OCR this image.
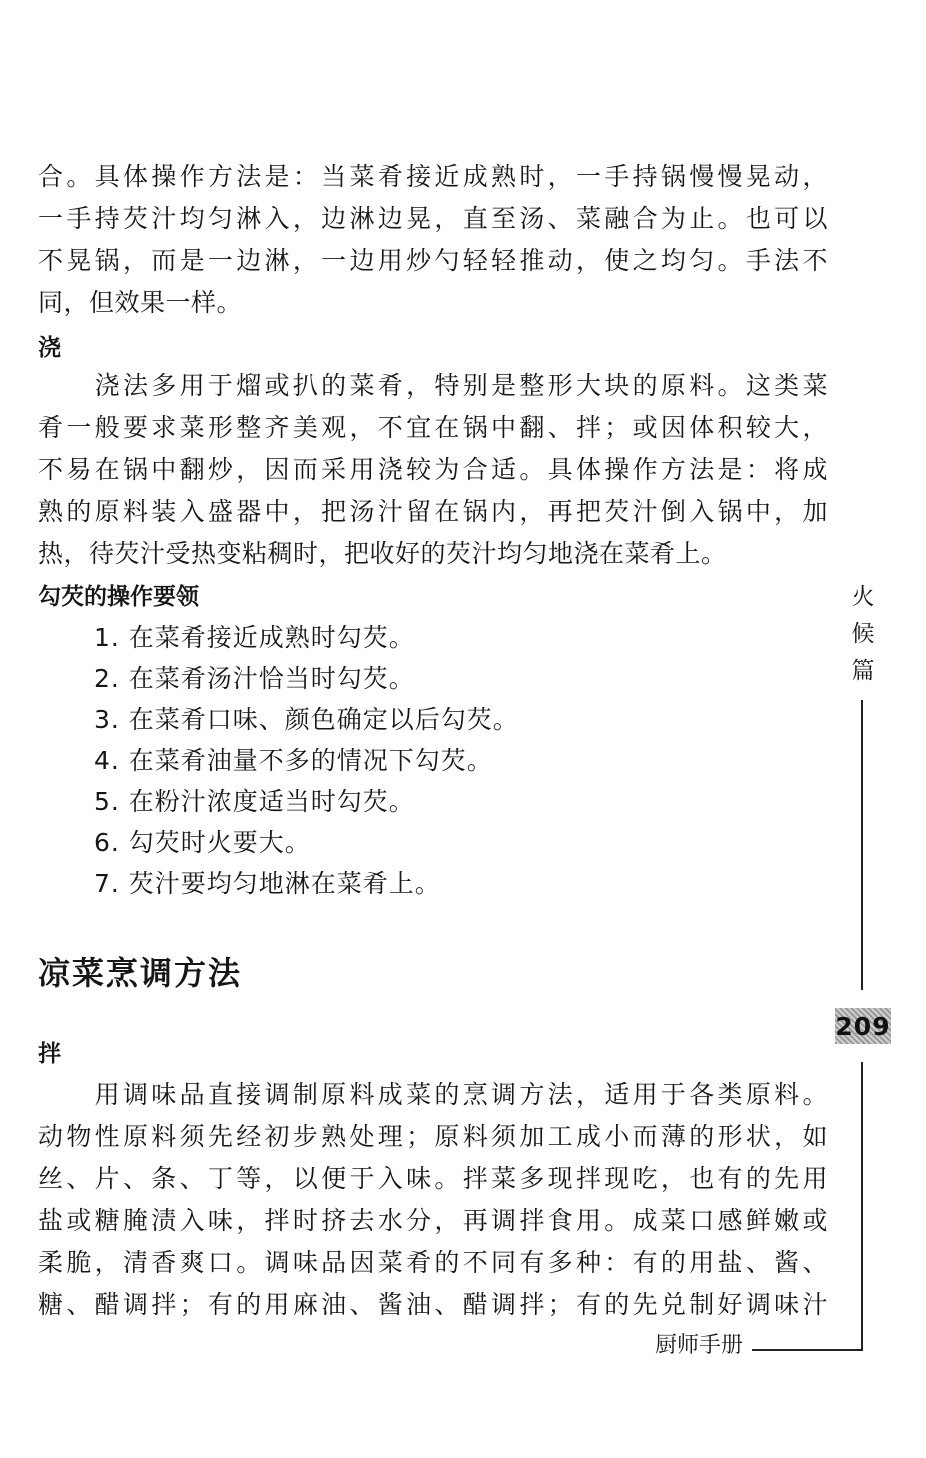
合。具体操作方法是：当菜肴接近成熟时，一手持锅慢慢晃动，
一手持芡汁均匀淋入，边淋边晃，直至汤、菜融合为止。也可以
不晃锅，而是一边淋，一边用炒勺轻轻推动，使之均匀。手法不
同，但效果一样。
浇
　　浇法多用于熘或扒的菜肴，特别是整形大块的原料。这类菜
肴一般要求菜形整齐美观，不宜在锅中翻、拌；或因体积较大，
不易在锅中翻炒，因而采用浇较为合适。具体操作方法是：将成
熟的原料装入盛器中，把汤汁留在锅内，再把芡汁倒入锅中，加
热，待芡汁受热变粘稠时，把收好的芡汁均匀地浇在菜肴上。
勾芡的操作要领
1. 在菜肴接近成熟时勾芡。
2. 在菜肴汤汁恰当时勾芡。
3. 在菜肴口味、颜色确定以后勾芡。
4. 在菜肴油量不多的情况下勾芡。
5. 在粉汁浓度适当时勾芡。
6. 勾芡时火要大。
7. 芡汁要均匀地淋在菜肴上。
凉菜烹调方法
拌
　　用调味品直接调制原料成菜的烹调方法，适用于各类原料。
动物性原料须先经初步熟处理；原料须加工成小而薄的形状，如
丝、片、条、丁等，以便于入味。拌菜多现拌现吃，也有的先用
盐或糖腌渍入味，拌时挤去水分，再调拌食用。成菜口感鲜嫩或
柔脆，清香爽口。调味品因菜肴的不同有多种：有的用盐、酱、
糖、醋调拌；有的用麻油、酱油、醋调拌；有的先兑制好调味汁
火
候
篇
209
厨师手册
